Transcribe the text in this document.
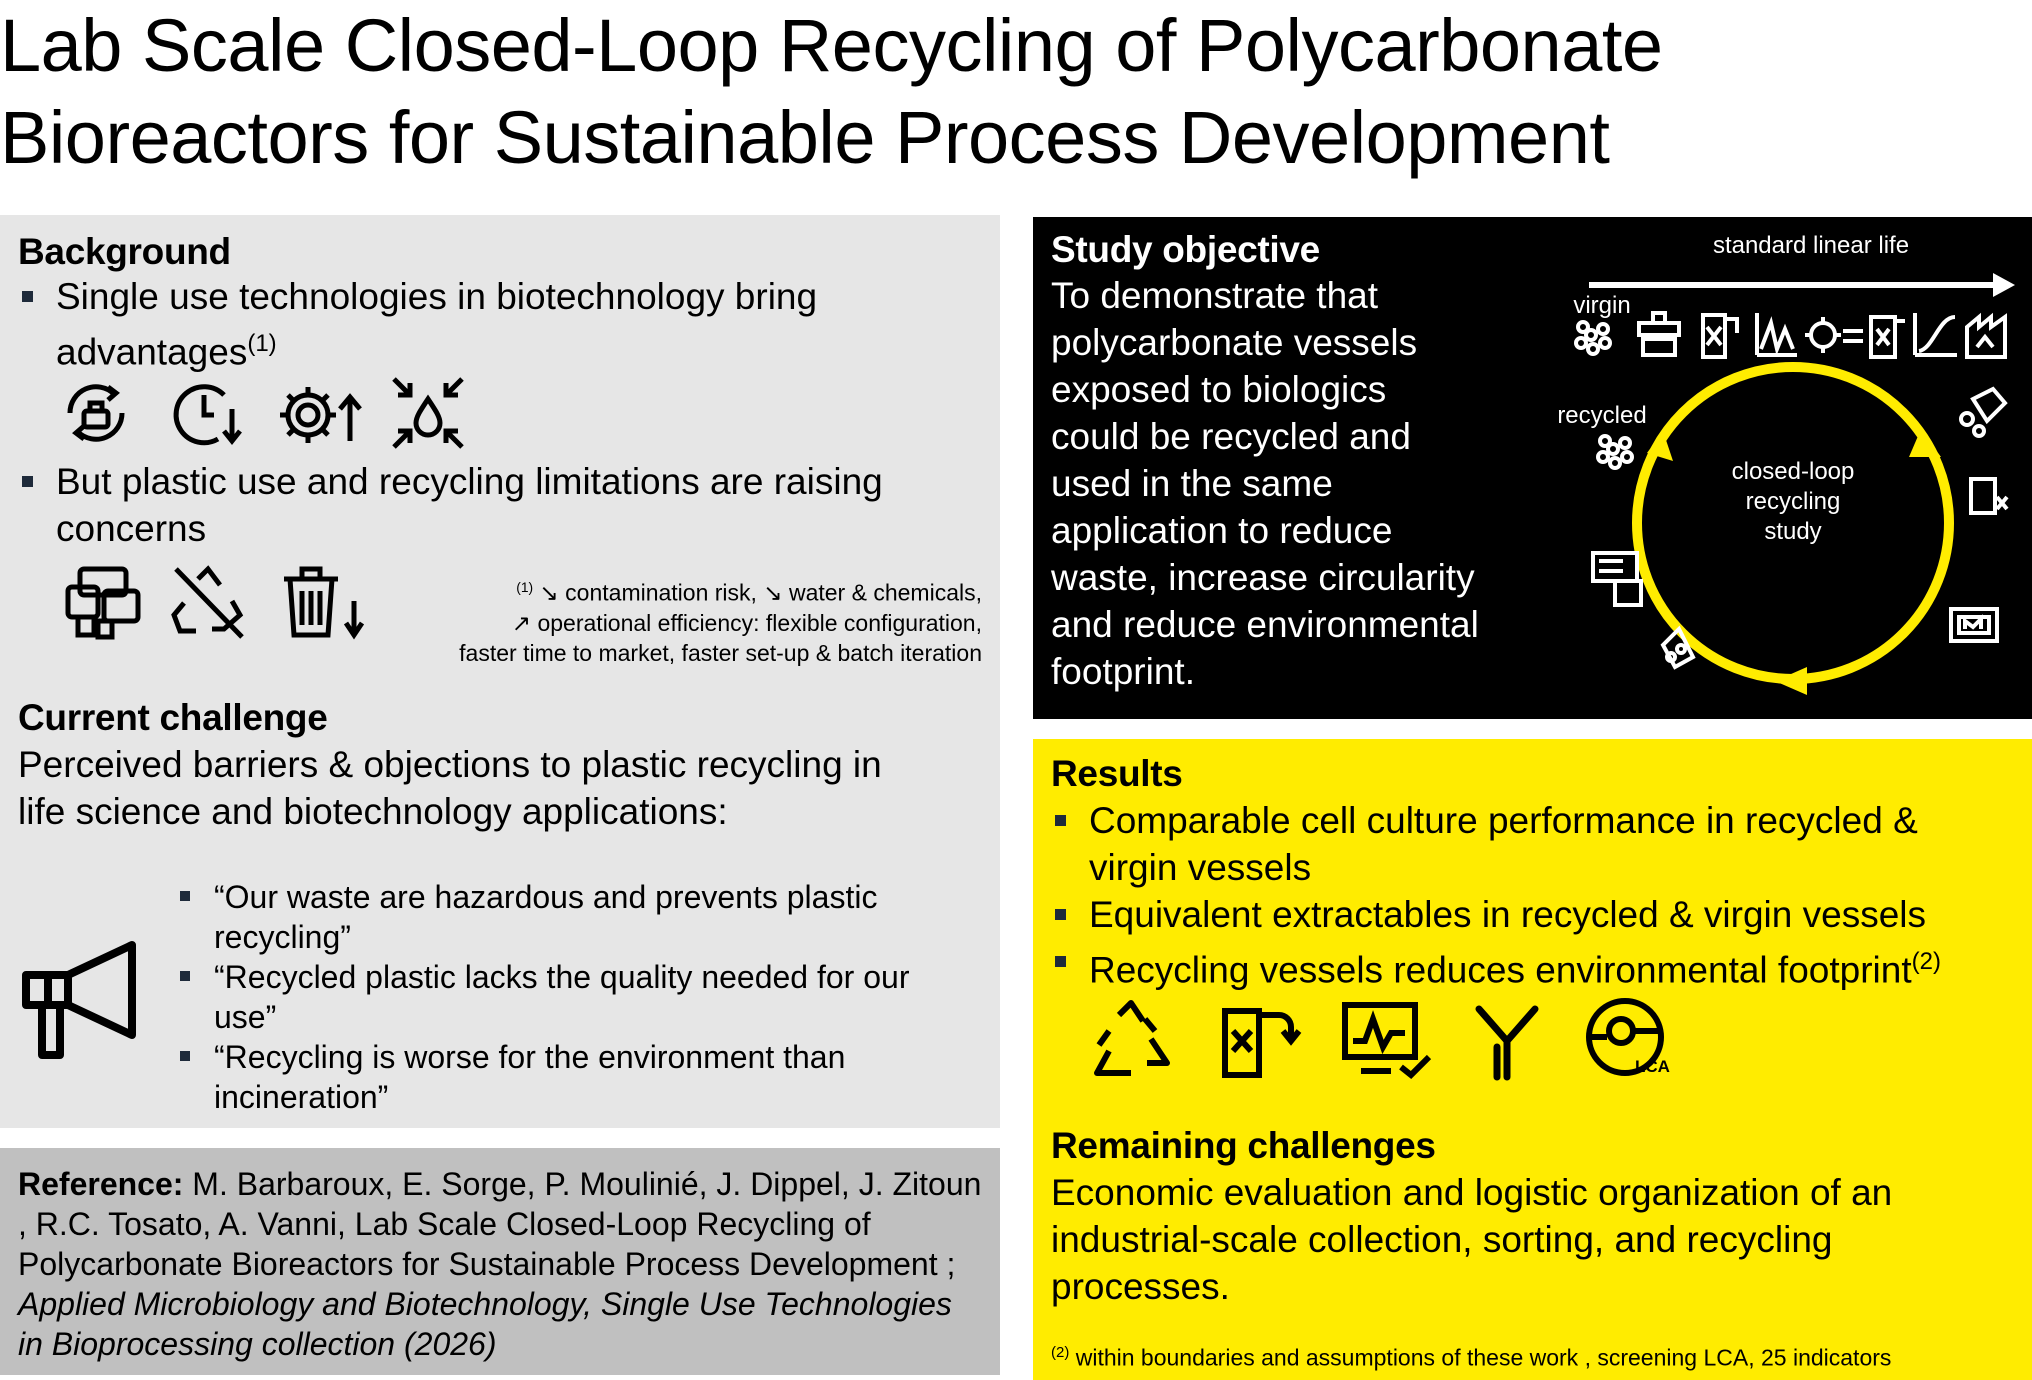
Lab Scale Closed-Loop Recycling of Polycarbonate
Bioreactors for Sustainable Process Development
Background
Single use technologies in biotechnology bring
advantages$^{(1)}$
But plastic use and recycling limitations are raising
concerns
$^{(1)}$ ↘ contamination risk, ↘ water & chemicals,
↗ operational efficiency: flexible configuration,
faster time to market, faster set-up & batch iteration
Current challenge
Perceived barriers & objections to plastic recycling in
life science and biotechnology applications:
“Our waste are hazardous and prevents plastic
recycling”
“Recycled plastic lacks the quality needed for our
use”
“Recycling is worse for the environment than
incineration”
Reference: M. Barbaroux, E. Sorge, P. Moulinié, J. Dippel, J. Zitoun , R.C. Tosato, A. Vanni, Lab Scale Closed-Loop Recycling of Polycarbonate Bioreactors for Sustainable Process Development ; Applied Microbiology and Biotechnology, Single Use Technologies in Bioprocessing collection (2026)
Study objective
To demonstrate that
polycarbonate vessels
exposed to biologics
could be recycled and
used in the same
application to reduce
waste, increase circularity
and reduce environmental
footprint.
standard linear life
virgin
recycled
closed-loop
recycling
study
Results
Comparable cell culture performance in recycled &
virgin vessels
Equivalent extractables in recycled & virgin vessels
Recycling vessels reduces environmental footprint$^{(2)}$
LCA
Remaining challenges
Economic evaluation and logistic organization of an
industrial-scale collection, sorting, and recycling
processes.
$^{(2)}$ within boundaries and assumptions of these work , screening LCA, 25 indicators
